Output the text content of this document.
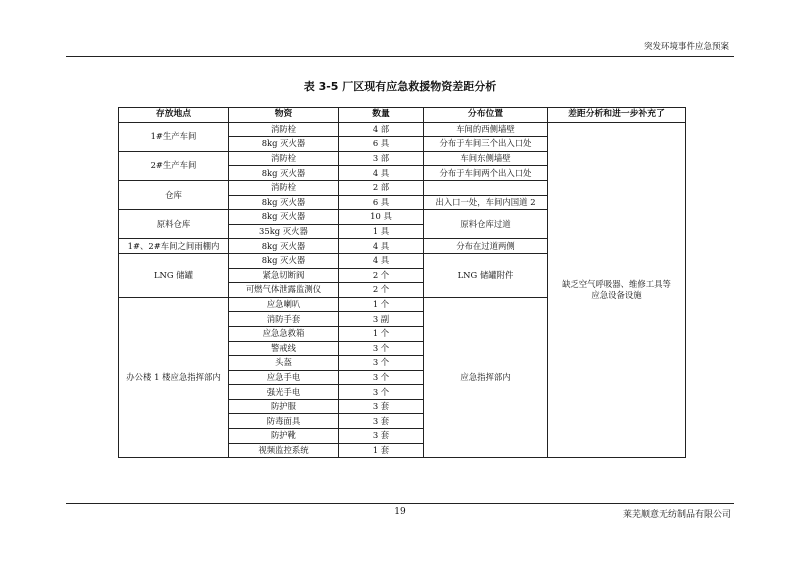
突发环境事件应急预案
表 3-5 厂区现有应急救援物资差距分析
存放地点	物资	数量	分布位置	差距分析和进一步补充了
1#生产车间	消防栓	4 部	车间的西侧墙壁	缺乏空气呼吸器、维修工具等应急设备设施
	8kg 灭火器	6 具	分布于车间三个出入口处	
2#生产车间	消防栓	3 部	车间东侧墙壁	
	8kg 灭火器	4 具	分布于车间两个出入口处	
仓库	消防栓	2 部		
	8kg 灭火器	6 具	出入口一处，车间内国道 2	
原料仓库	8kg 灭火器	10 具	原料仓库过道	
	35kg 灭火器	1 具		
1#、2#车间之间雨棚内	8kg 灭火器	4 具	分布在过道两侧	
LNG 储罐	8kg 灭火器	4 具	LNG 储罐附件	
	紧急切断阀	2 个		
	可燃气体泄露监测仪	2 个		
办公楼 1 楼应急指挥部内	应急喇叭	1 个	应急指挥部内	
	消防手套	3 副		
	应急急救箱	1 个		
	警戒线	3 个		
	头盔	3 个		
	应急手电	3 个		
	强光手电	3 个		
	防护服	3 套		
	防毒面具	3 套		
	防护靴	3 套		
	视频监控系统	1 套		
19	莱芜顺意无纺制品有限公司
